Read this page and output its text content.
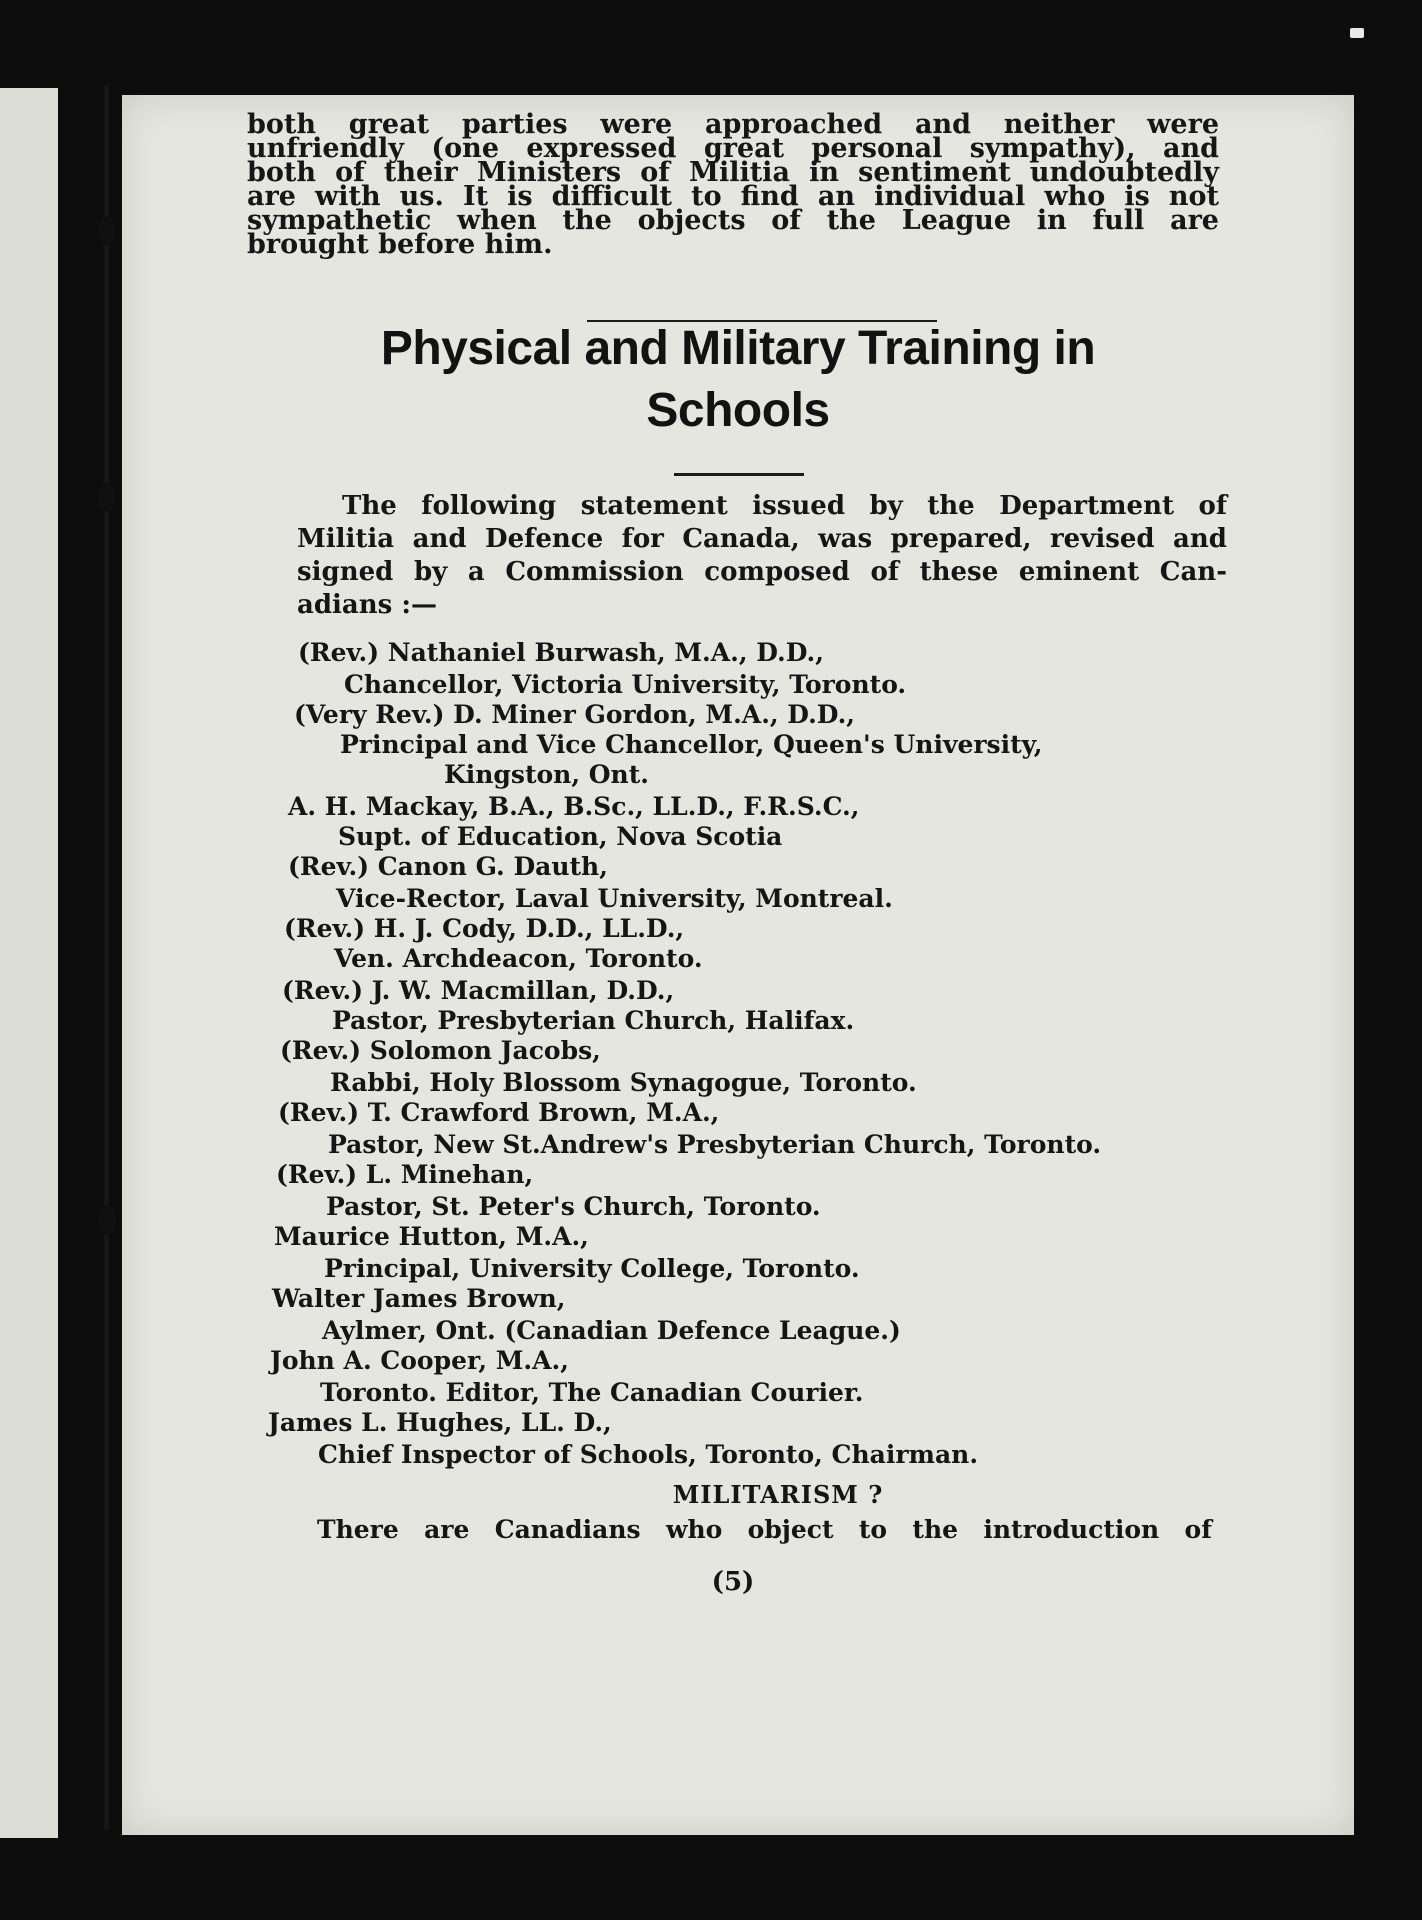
both great parties were approached and neither were
unfriendly (one expressed great personal sympathy), and
both of their Ministers of Militia in sentiment undoubtedly
are with us. It is difficult to find an individual who is not
sympathetic when the objects of the League in full are
brought before him.
Physical and Military Training in
Schools
The following statement issued by the Department of
Militia and Defence for Canada, was prepared, revised and
signed by a Commission composed of these eminent Can-
adians :—
(Rev.) Nathaniel Burwash, M.A., D.D.,
Chancellor, Victoria University, Toronto.
(Very Rev.) D. Miner Gordon, M.A., D.D.,
Principal and Vice Chancellor, Queen's University,
Kingston, Ont.
A. H. Mackay, B.A., B.Sc., LL.D., F.R.S.C.,
Supt. of Education, Nova Scotia
(Rev.) Canon G. Dauth,
Vice-Rector, Laval University, Montreal.
(Rev.) H. J. Cody, D.D., LL.D.,
Ven. Archdeacon, Toronto.
(Rev.) J. W. Macmillan, D.D.,
Pastor, Presbyterian Church, Halifax.
(Rev.) Solomon Jacobs,
Rabbi, Holy Blossom Synagogue, Toronto.
(Rev.) T. Crawford Brown, M.A.,
Pastor, New St.Andrew's Presbyterian Church, Toronto.
(Rev.) L. Minehan,
Pastor, St. Peter's Church, Toronto.
Maurice Hutton, M.A.,
Principal, University College, Toronto.
Walter James Brown,
Aylmer, Ont. (Canadian Defence League.)
John A. Cooper, M.A.,
Toronto. Editor, The Canadian Courier.
James L. Hughes, LL. D.,
Chief Inspector of Schools, Toronto, Chairman.
MILITARISM ?
There are Canadians who object to the introduction of
(5)
